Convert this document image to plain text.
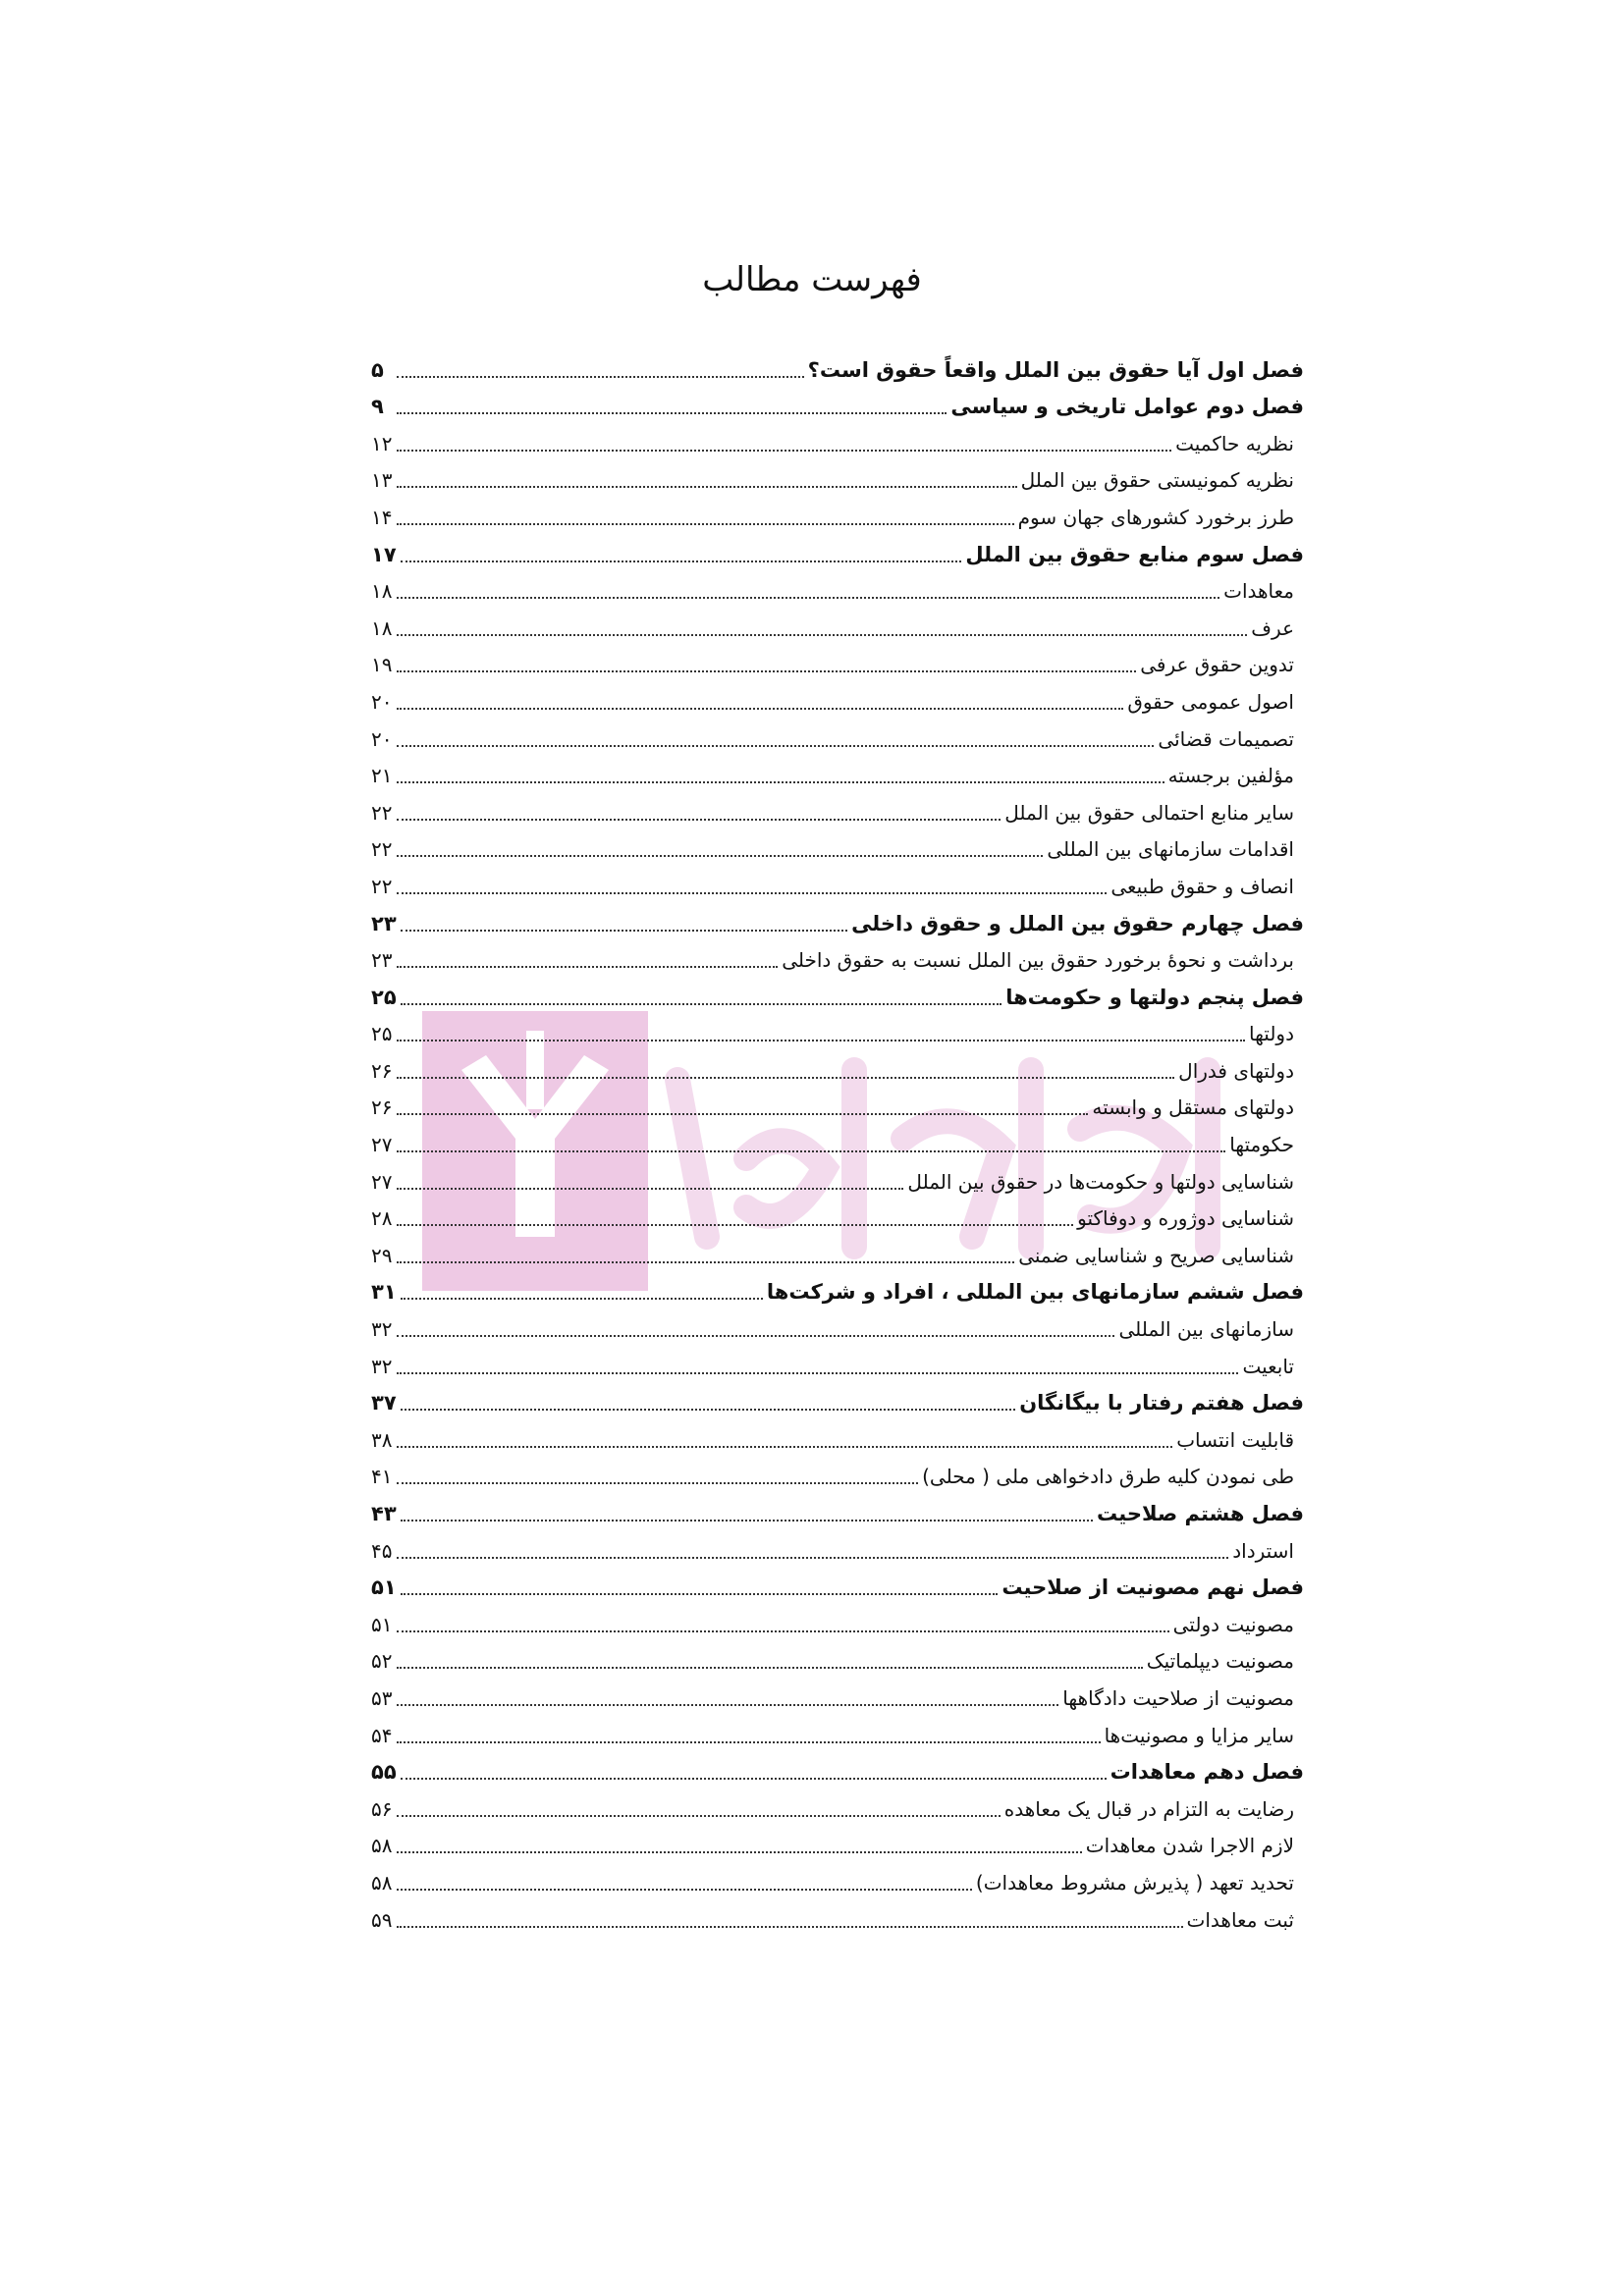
فهرست مطالب
فصل اول آیا حقوق بین الملل واقعاً حقوق است؟
۵
فصل دوم عوامل تاریخی و سیاسی
۹
نظریه حاکمیت
۱۲
نظریه کمونیستی حقوق بین الملل
۱۳
طرز برخورد کشورهای جهان سوم
۱۴
فصل سوم منابع حقوق بین الملل
۱۷
معاهدات
۱۸
عرف
۱۸
تدوین حقوق عرفی
۱۹
اصول عمومی حقوق
۲۰
تصمیمات قضائی
۲۰
مؤلفین برجسته
۲۱
سایر منابع احتمالی حقوق بین الملل
۲۲
اقدامات سازمانهای بین المللی
۲۲
انصاف و حقوق طبیعی
۲۲
فصل چهارم حقوق بین الملل و حقوق داخلی
۲۳
برداشت و نحوهٔ برخورد حقوق بین الملل نسبت به حقوق داخلی
۲۳
فصل پنجم دولتها و حکومت‌ها
۲۵
دولتها
۲۵
دولتهای فدرال
۲۶
دولتهای مستقل و وابسته
۲۶
حکومتها
۲۷
شناسایی دولتها و حکومت‌ها در حقوق بین الملل
۲۷
شناسایی دوژوره و دوفاکتو
۲۸
شناسایی صریح و شناسایی ضمنی
۲۹
فصل ششم سازمانهای بین المللی ، افراد و شرکت‌ها
۳۱
سازمانهای بین المللی
۳۲
تابعیت
۳۲
فصل هفتم رفتار با بیگانگان
۳۷
قابلیت انتساب
۳۸
طی نمودن کلیه طرق دادخواهی ملی ( محلی)
۴۱
فصل هشتم صلاحیت
۴۳
استرداد
۴۵
فصل نهم مصونیت از صلاحیت
۵۱
مصونیت دولتی
۵۱
مصونیت دیپلماتیک
۵۲
مصونیت از صلاحیت دادگاهها
۵۳
سایر مزایا و مصونیت‌ها
۵۴
فصل دهم معاهدات
۵۵
رضایت به التزام در قبال یک معاهده
۵۶
لازم الاجرا شدن معاهدات
۵۸
تحدید تعهد ( پذیرش مشروط معاهدات)
۵۸
ثبت معاهدات
۵۹
